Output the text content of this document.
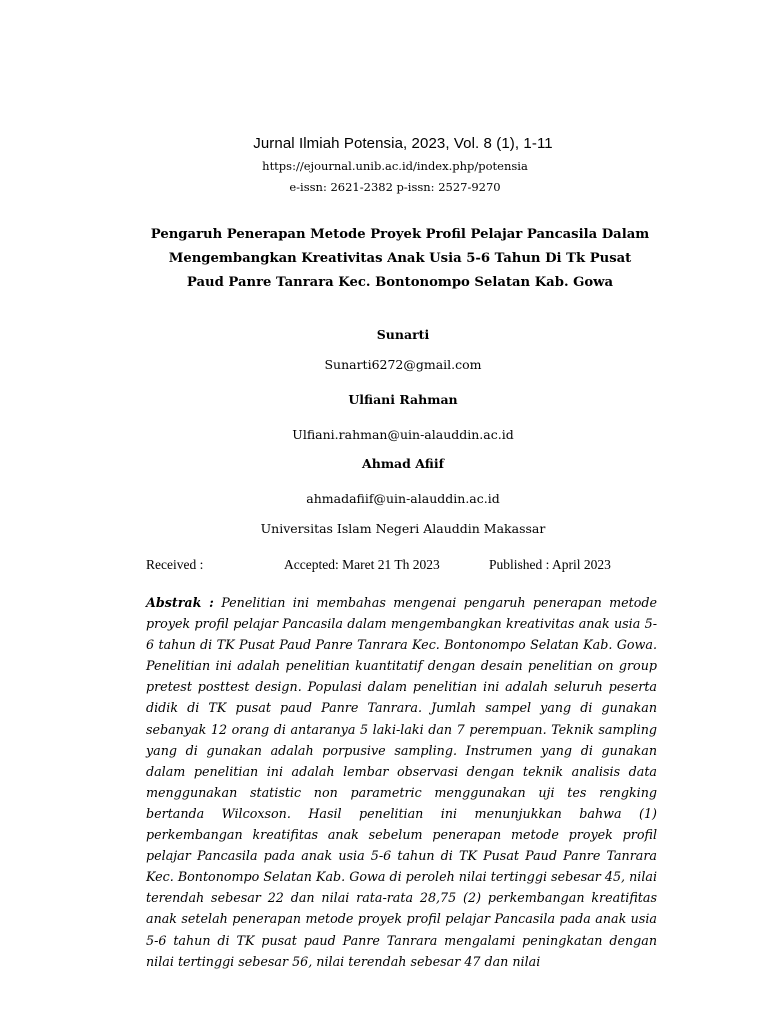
Jurnal Ilmiah Potensia, 2023, Vol. 8 (1), 1-11
https://ejournal.unib.ac.id/index.php/potensia
e-issn: 2621-2382 p-issn: 2527-9270
Pengaruh Penerapan Metode Proyek Profil Pelajar Pancasila Dalam
Mengembangkan Kreativitas Anak Usia 5-6 Tahun Di Tk Pusat
Paud Panre Tanrara Kec. Bontonompo Selatan Kab. Gowa
Sunarti
Sunarti6272@gmail.com
Ulfiani Rahman
Ulfiani.rahman@uin-alauddin.ac.id
Ahmad Afiif
ahmadafiif@uin-alauddin.ac.id
Universitas Islam Negeri Alauddin Makassar
Received :	Accepted: Maret 21 Th 2023	Published : April 2023
Abstrak : Penelitian ini membahas mengenai pengaruh penerapan metode proyek profil pelajar Pancasila dalam mengembangkan kreativitas anak usia 5-6 tahun di TK Pusat Paud Panre Tanrara Kec. Bontonompo Selatan Kab. Gowa. Penelitian ini adalah penelitian kuantitatif dengan desain penelitian on group pretest posttest design. Populasi dalam penelitian ini adalah seluruh peserta didik di TK pusat paud Panre Tanrara. Jumlah sampel yang di gunakan sebanyak 12 orang di antaranya 5 laki-laki dan 7 perempuan. Teknik sampling yang di gunakan adalah porpusive sampling. Instrumen yang di gunakan dalam penelitian ini adalah lembar observasi dengan teknik analisis data menggunakan statistic non parametric menggunakan uji tes rengking bertanda Wilcoxson. Hasil penelitian ini menunjukkan bahwa (1) perkembangan kreatifitas anak sebelum penerapan metode proyek profil pelajar Pancasila pada anak usia 5-6 tahun di TK Pusat Paud Panre Tanrara Kec. Bontonompo Selatan Kab. Gowa di peroleh nilai tertinggi sebesar 45, nilai terendah sebesar 22 dan nilai rata-rata 28,75 (2) perkembangan kreatifitas anak setelah penerapan metode proyek profil pelajar Pancasila pada anak usia 5-6 tahun di TK pusat paud Panre Tanrara mengalami peningkatan dengan nilai tertinggi sebesar 56, nilai terendah sebesar 47 dan nilai
